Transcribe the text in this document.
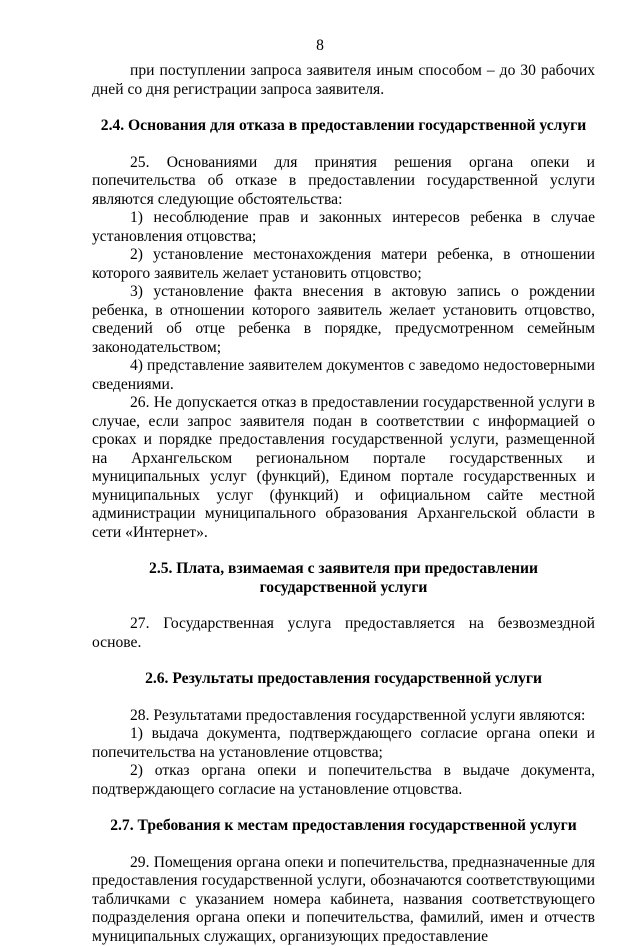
8

при поступлении запроса заявителя иным способом – до 30 рабочих дней со дня регистрации запроса заявителя.

2.4. Основания для отказа в предоставлении государственной услуги

25. Основаниями для принятия решения органа опеки и попечительства об отказе в предоставлении государственной услуги являются следующие обстоятельства:

1) несоблюдение прав и законных интересов ребенка в случае установления отцовства;

2) установление местонахождения матери ребенка, в отношении которого заявитель желает установить отцовство;

3) установление факта внесения в актовую запись о рождении ребенка, в отношении которого заявитель желает установить отцовство, сведений об отце ребенка в порядке, предусмотренном семейным законодательством;

4) представление заявителем документов с заведомо недостоверными сведениями.

26. Не допускается отказ в предоставлении государственной услуги в случае, если запрос заявителя подан в соответствии с информацией о сроках и порядке предоставления государственной услуги, размещенной на Архангельском региональном портале государственных и муниципальных услуг (функций), Едином портале государственных и муниципальных услуг (функций) и официальном сайте местной администрации муниципального образования Архангельской области в сети «Интернет».

2.5. Плата, взимаемая с заявителя при предоставлении
государственной услуги

27. Государственная услуга предоставляется на безвозмездной основе.

2.6. Результаты предоставления государственной услуги

28. Результатами предоставления государственной услуги являются:

1) выдача документа, подтверждающего согласие органа опеки и попечительства на установление отцовства;

2) отказ органа опеки и попечительства в выдаче документа, подтверждающего согласие на установление отцовства.

2.7. Требования к местам предоставления государственной услуги

29. Помещения органа опеки и попечительства, предназначенные для предоставления государственной услуги, обозначаются соответствующими табличками с указанием номера кабинета, названия соответствующего подразделения органа опеки и попечительства, фамилий, имен и отчеств муниципальных служащих, организующих предоставление
